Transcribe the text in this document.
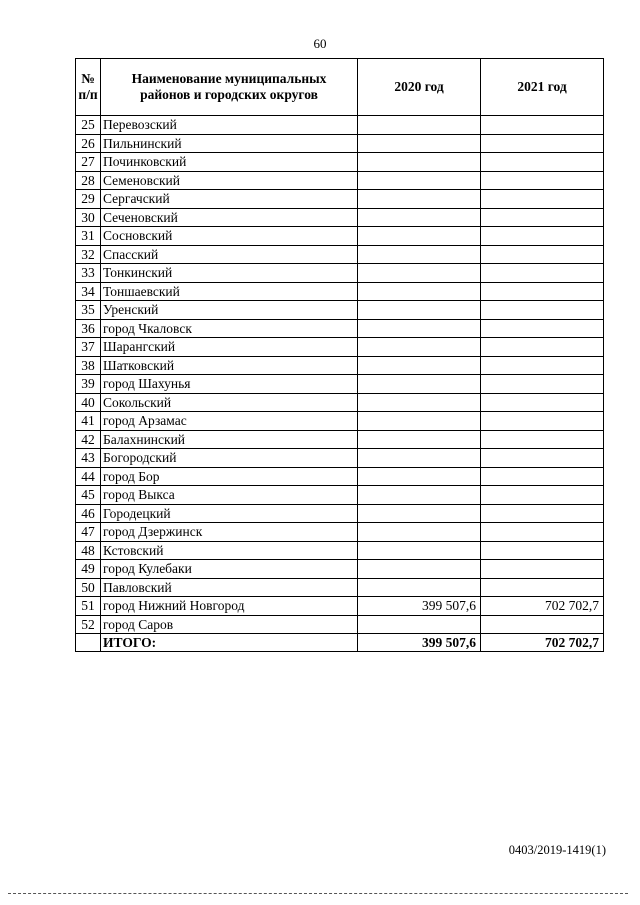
60
№ п/п	Наименование муниципальных районов и городских округов	2020 год	2021 год
25	Перевозский		
26	Пильнинский		
27	Починковский		
28	Семеновский		
29	Сергачский		
30	Сеченовский		
31	Сосновский		
32	Спасский		
33	Тонкинский		
34	Тоншаевский		
35	Уренский		
36	город Чкаловск		
37	Шарангский		
38	Шатковский		
39	город Шахунья		
40	Сокольский		
41	город Арзамас		
42	Балахнинский		
43	Богородский		
44	город Бор		
45	город Выкса		
46	Городецкий		
47	город Дзержинск		
48	Кстовский		
49	город Кулебаки		
50	Павловский		
51	город Нижний Новгород	399 507,6	702 702,7
52	город Саров		
	ИТОГО:	399 507,6	702 702,7
0403/2019-1419(1)
